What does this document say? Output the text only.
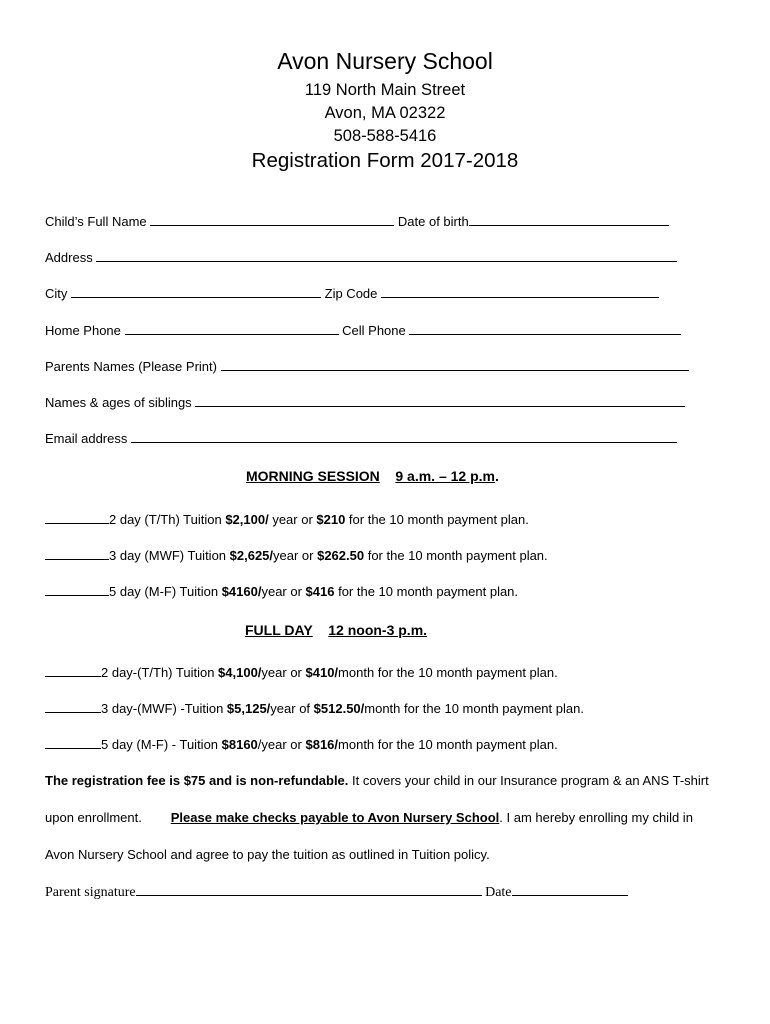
Avon Nursery School
119 North Main Street
Avon, MA 02322
508-588-5416
Registration Form 2017-2018
Child’s Full Name	Date of birth
Address
City	Zip Code
Home Phone	Cell Phone
Parents Names (Please Print)
Names & ages of siblings
Email address
MORNING SESSION 9 a.m. – 12 p.m.
2 day (T/Th) Tuition $2,100/ year or $210 for the 10 month payment plan.
3 day (MWF) Tuition $2,625/year or $262.50 for the 10 month payment plan.
5 day (M-F) Tuition $4160/year or $416 for the 10 month payment plan.
FULL DAY 12 noon-3 p.m.
2 day-(T/Th) Tuition $4,100/year or $410/month for the 10 month payment plan.
3 day-(MWF) -Tuition $5,125/year of $512.50/month for the 10 month payment plan.
5 day (M-F) - Tuition $8160/year or $816/month for the 10 month payment plan.
The registration fee is $75 and is non-refundable. It covers your child in our Insurance program & an ANS T-shirt
upon enrollment. Please make checks payable to Avon Nursery School. I am hereby enrolling my child in
Avon Nursery School and agree to pay the tuition as outlined in Tuition policy.
Parent signature	Date
